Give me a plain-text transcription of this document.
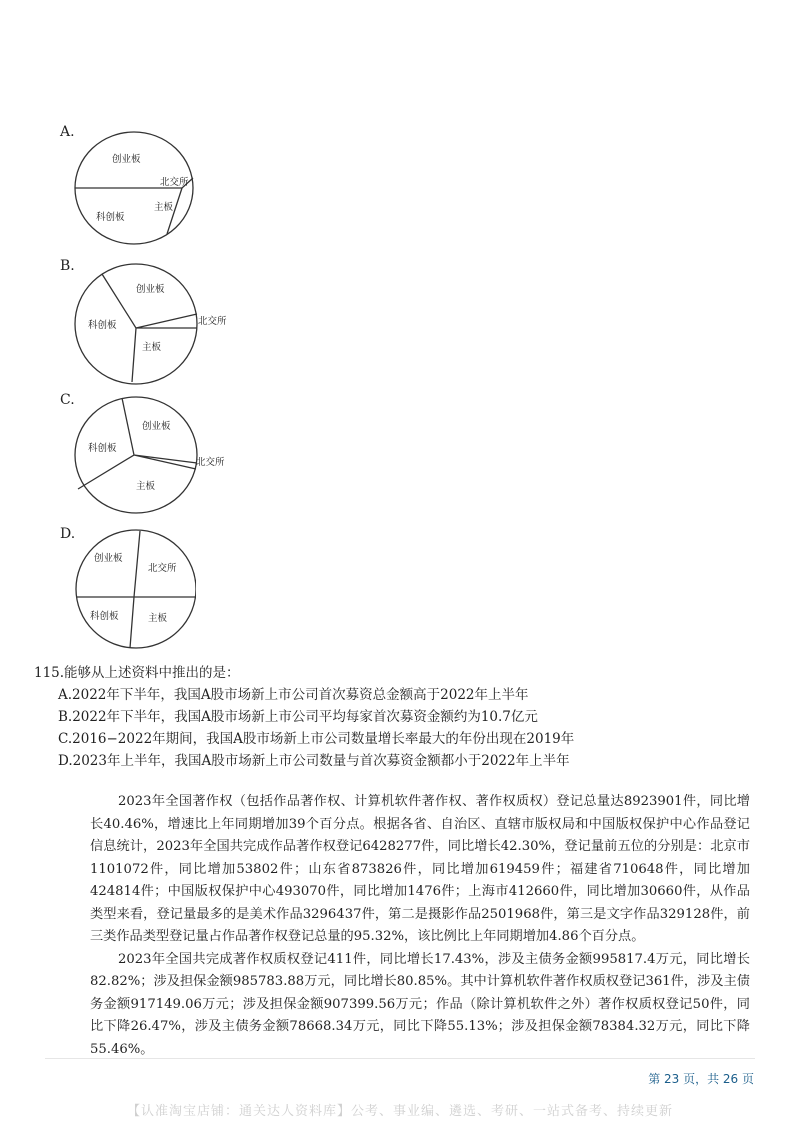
A.
创业板
北交所
主板
科创板
B.
创业板
北交所
主板
科创板
C.
创业板
北交所
主板
科创板
D.
创业板
北交所
主板
科创板

115.能够从上述资料中推出的是：

A.2022年下半年，我国A股市场新上市公司首次募资总金额高于2022年上半年

B.2022年下半年，我国A股市场新上市公司平均每家首次募资金额约为10.7亿元

C.2016−2022年期间，我国A股市场新上市公司数量增长率最大的年份出现在2019年

D.2023年上半年，我国A股市场新上市公司数量与首次募资金额都小于2022年上半年

2023年全国著作权（包括作品著作权、计算机软件著作权、著作权质权）登记总量达8923901件，同比增长40.46%，增速比上年同期增加39个百分点。根据各省、自治区、直辖市版权局和中国版权保护中心作品登记信息统计，2023年全国共完成作品著作权登记6428277件，同比增长42.30%，登记量前五位的分别是：北京市1101072件，同比增加53802件；山东省873826件，同比增加619459件；福建省710648件，同比增加424814件；中国版权保护中心493070件，同比增加1476件；上海市412660件，同比增加30660件，从作品类型来看，登记量最多的是美术作品3296437件，第二是摄影作品2501968件，第三是文字作品329128件，前三类作品类型登记量占作品著作权登记总量的95.32%，该比例比上年同期增加4.86个百分点。

2023年全国共完成著作权质权登记411件，同比增长17.43%，涉及主债务金额995817.4万元，同比增长82.82%；涉及担保金额985783.88万元，同比增长80.85%。其中计算机软件著作权质权登记361件，涉及主债务金额917149.06万元；涉及担保金额907399.56万元；作品（除计算机软件之外）著作权质权登记50件，同比下降26.47%，涉及主债务金额78668.34万元，同比下降55.13%；涉及担保金额78384.32万元，同比下降55.46%。

第 23 页，共 26 页
【认准淘宝店铺：通关达人资料库】公考、事业编、遴选、考研、一站式备考、持续更新
